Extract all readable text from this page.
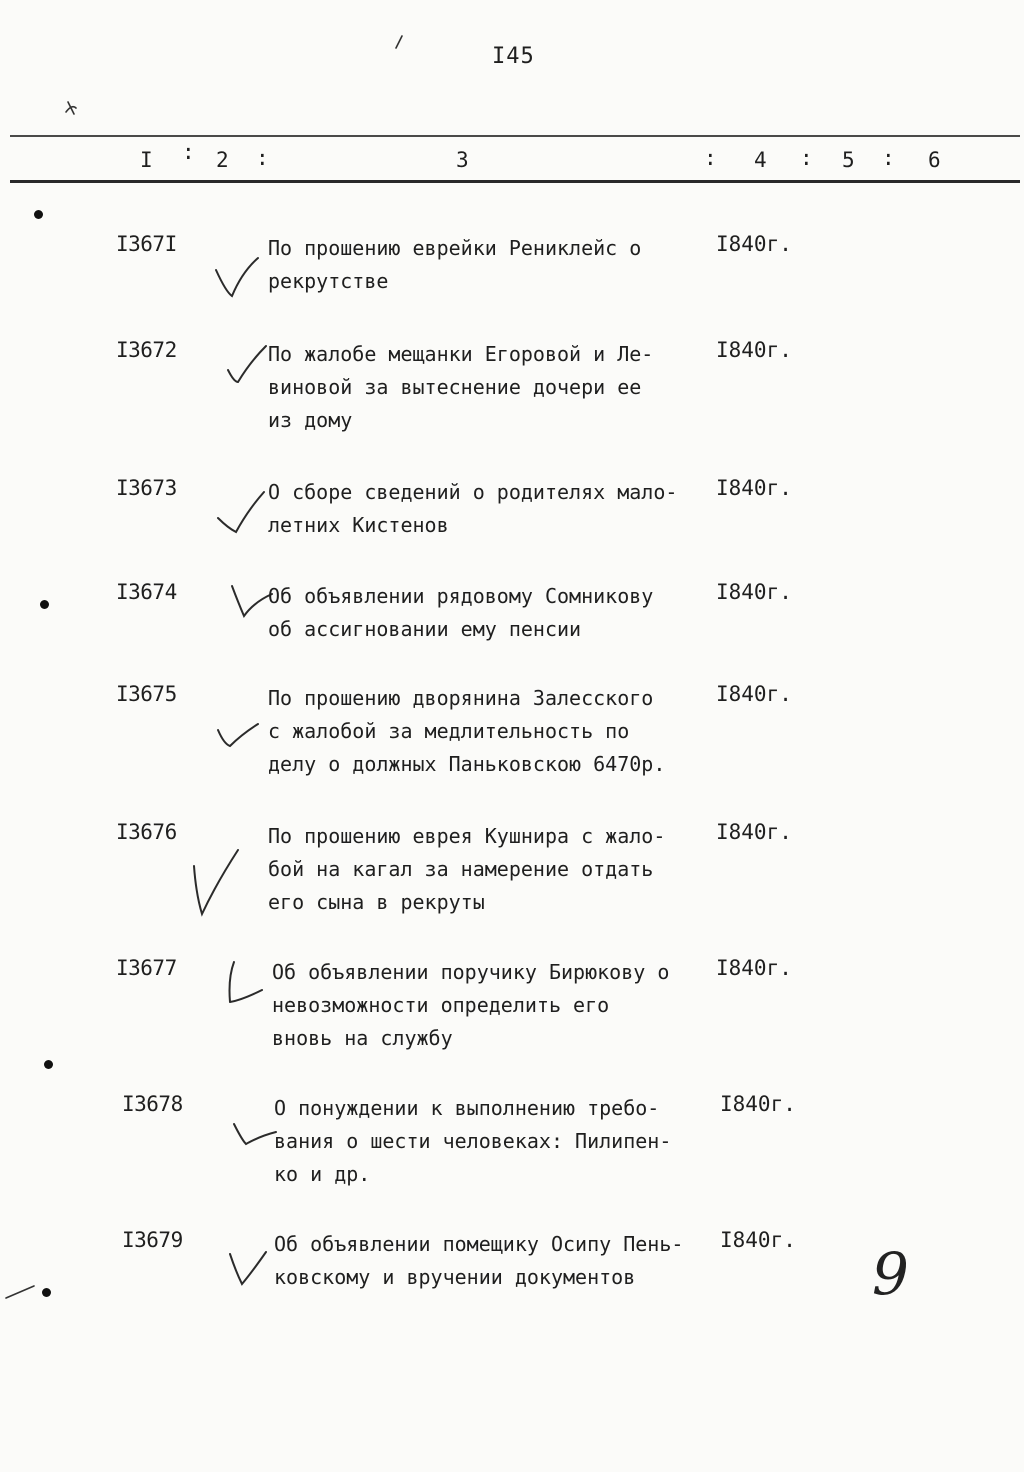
I45
I : 2 :	3	: 4 : 5 : 6
I367I	По прошению еврейки Рениклейс о
рекрутстве
I840г.
I3672	По жалобе мещанки Егоровой и Ле-
виновой за вытеснение дочери ее
из дому
I840г.
I3673	О сборе сведений о родителях мало-
летних Кистенов
I840г.
I3674	Об объявлении рядовому Сомникову
об ассигновании ему пенсии
I840г.
I3675	По прошению дворянина Залесского
с жалобой за медлительность по
делу о должных Паньковскою 6470р.
I840г.
I3676	По прошению еврея Кушнира с жало-
бой на кагал за намерение отдать
его сына в рекруты
I840г.
I3677	Об объявлении поручику Бирюкову о
невозможности определить его
вновь на службу
I840г.
I3678	О понуждении к выполнению требо-
вания о шести человеках: Пилипен-
ко и др.
I840г.
I3679	Об объявлении помещику Осипу Пень-
ковскому и вручении документов
I840г. 9
